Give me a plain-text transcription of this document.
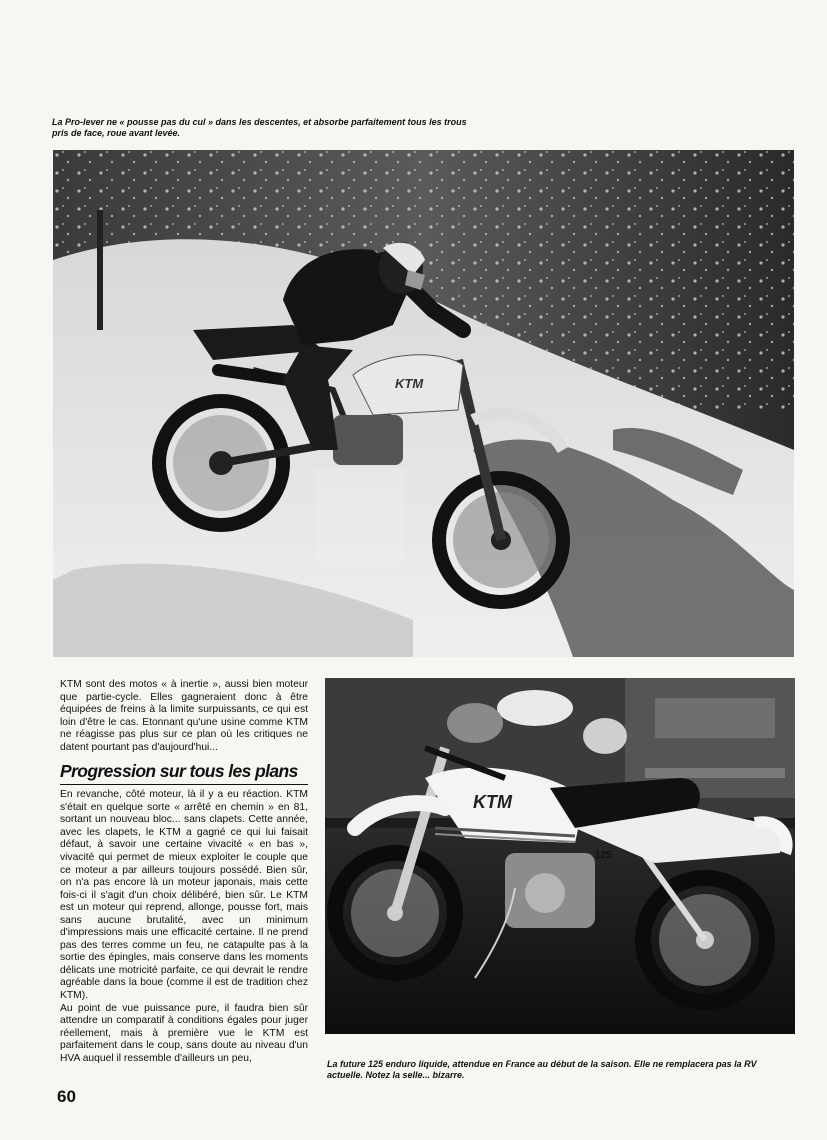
La Pro-lever ne « pousse pas du cul » dans les descentes, et absorbe parfaitement tous les trous pris de face, roue avant levée.
KTM

KTM sont des motos « à inertie », aussi bien moteur que partie-cycle. Elles gagneraient donc à être équipées de freins à la limite surpuissants, ce qui est loin d'être le cas. Etonnant qu'une usine comme KTM ne réagisse pas plus sur ce plan où les critiques ne datent pourtant pas d'aujourd'hui...

Progression sur tous les plans

En revanche, côté moteur, là il y a eu réaction. KTM s'était en quelque sorte « arrêté en chemin » en 81, sortant un nouveau bloc... sans clapets. Cette année, avec les clapets, le KTM a gagné ce qui lui faisait défaut, à savoir une certaine vivacité « en bas », vivacité qui permet de mieux exploiter le couple que ce moteur a par ailleurs toujours possédé. Bien sûr, on n'a pas encore là un moteur japonais, mais cette fois-ci il s'agit d'un choix délibéré, bien sûr. Le KTM est un moteur qui reprend, allonge, pousse fort, mais sans aucune brutalité, avec un minimum d'impressions mais une efficacité certaine. Il ne prend pas des terres comme un feu, ne catapulte pas à la sortie des épingles, mais conserve dans les moments délicats une motricité parfaite, ce qui devrait le rendre agréable dans la boue (comme il est de tradition chez KTM).

Au point de vue puissance pure, il faudra bien sûr attendre un comparatif à conditions égales pour juger réellement, mais à première vue le KTM est parfaitement dans le coup, sans doute au niveau d'un HVA auquel il ressemble d'ailleurs un peu,

KTM
125
La future 125 enduro liquide, attendue en France au début de la saison. Elle ne remplacera pas la RV actuelle. Notez la selle... bizarre.
60
